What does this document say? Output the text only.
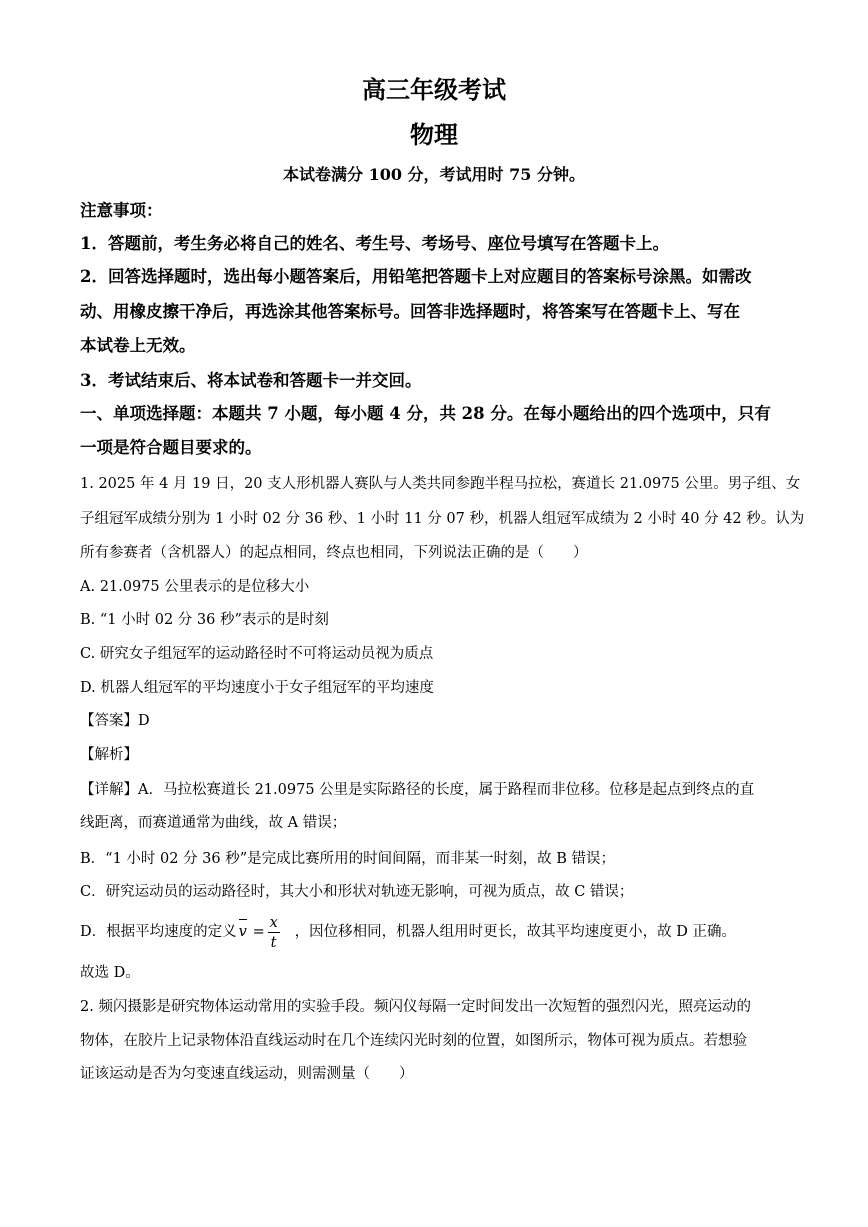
高三年级考试
物理
本试卷满分 100 分，考试用时 75 分钟。
注意事项：
1．答题前，考生务必将自己的姓名、考生号、考场号、座位号填写在答题卡上。
2．回答选择题时，选出每小题答案后，用铅笔把答题卡上对应题目的答案标号涂黑。如需改
动、用橡皮擦干净后，再选涂其他答案标号。回答非选择题时，将答案写在答题卡上、写在
本试卷上无效。
3．考试结束后、将本试卷和答题卡一并交回。
一、单项选择题：本题共 7 小题，每小题 4 分，共 28 分。在每小题给出的四个选项中，只有
一项是符合题目要求的。
1. 2025 年 4 月 19 日，20 支人形机器人赛队与人类共同参跑半程马拉松，赛道长 21.0975 公里。男子组、女
子组冠军成绩分别为 1 小时 02 分 36 秒、1 小时 11 分 07 秒，机器人组冠军成绩为 2 小时 40 分 42 秒。认为
所有参赛者（含机器人）的起点相同，终点也相同，下列说法正确的是（　　）
A. 21.0975 公里表示的是位移大小
B. “1 小时 02 分 36 秒”表示的是时刻
C. 研究女子组冠军的运动路径时不可将运动员视为质点
D. 机器人组冠军的平均速度小于女子组冠军的平均速度
【答案】D
【解析】
【详解】A．马拉松赛道长 21.0975 公里是实际路径的长度，属于路程而非位移。位移是起点到终点的直
线距离，而赛道通常为曲线，故 A 错误；
B．“1 小时 02 分 36 秒”是完成比赛所用的时间间隔，而非某一时刻，故 B 错误；
C．研究运动员的运动路径时，其大小和形状对轨迹无影响，可视为质点，故 C 错误；
D．根据平均速度的定义 v =
x
t
，因位移相同，机器人组用时更长，故其平均速度更小，故 D 正确。
故选 D。
2. 频闪摄影是研究物体运动常用的实验手段。频闪仪每隔一定时间发出一次短暂的强烈闪光，照亮运动的
物体，在胶片上记录物体沿直线运动时在几个连续闪光时刻的位置，如图所示，物体可视为质点。若想验
证该运动是否为匀变速直线运动，则需测量（　　）
